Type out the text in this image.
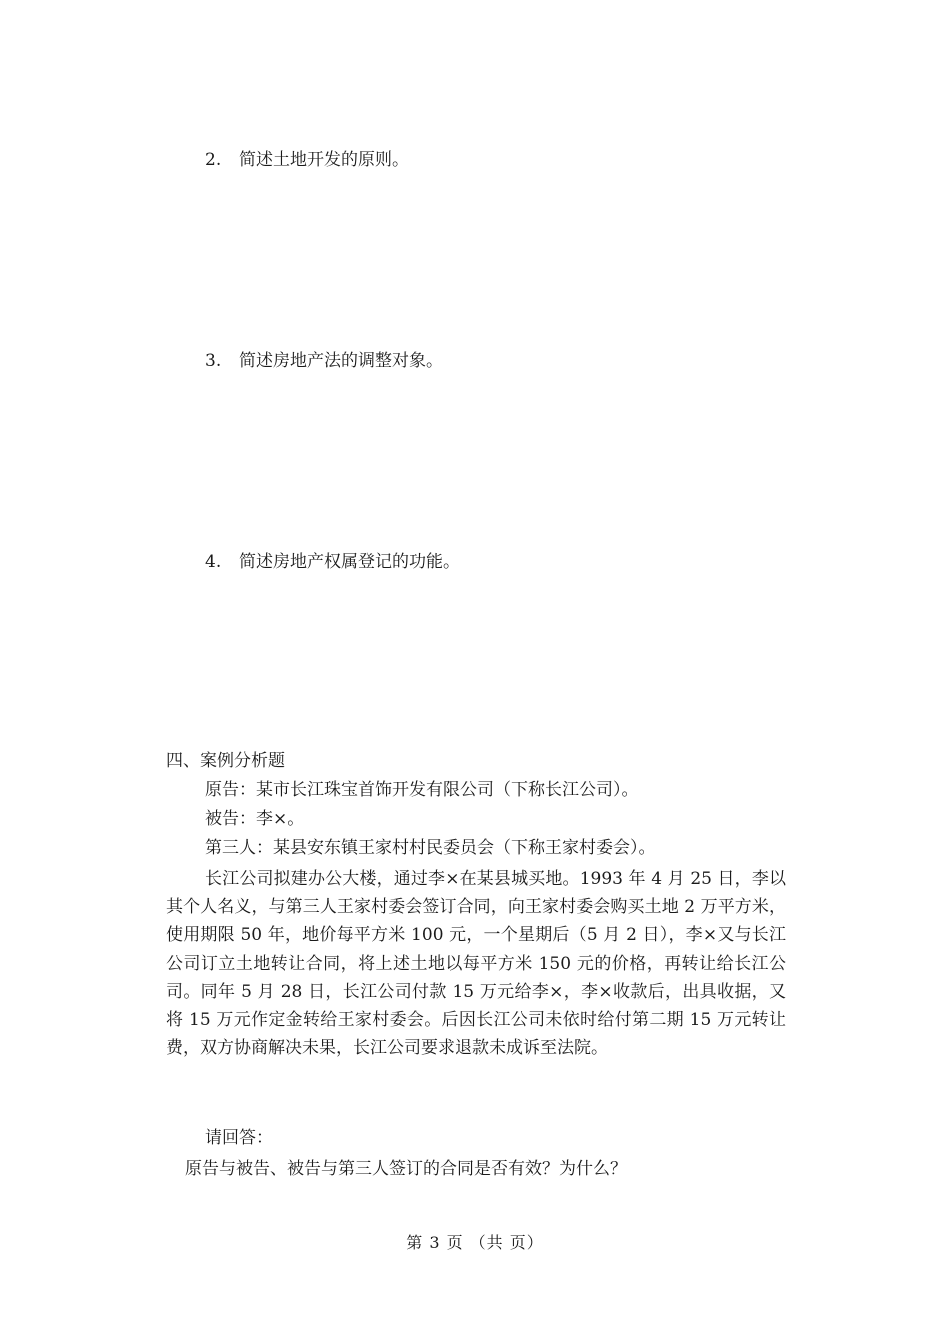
2. 简述土地开发的原则。
3. 简述房地产法的调整对象。
4. 简述房地产权属登记的功能。
四、案例分析题
原告：某市长江珠宝首饰开发有限公司（下称长江公司）。
被告：李×。
第三人：某县安东镇王家村村民委员会（下称王家村委会）。

长江公司拟建办公大楼，通过李×在某县城买地。1993 年 4 月 25 日，李以其个人名义，与第三人王家村委会签订合同，向王家村委会购买土地 2 万平方米，使用期限 50 年，地价每平方米 100 元，一个星期后（5 月 2 日），李×又与长江公司订立土地转让合同，将上述土地以每平方米 150 元的价格，再转让给长江公司。同年 5 月 28 日，长江公司付款 15 万元给李×，李×收款后，出具收据，又将 15 万元作定金转给王家村委会。后因长江公司未依时给付第二期 15 万元转让费，双方协商解决未果，长江公司要求退款未成诉至法院。

请回答：
原告与被告、被告与第三人签订的合同是否有效？为什么？
第 3 页 （共 页）
